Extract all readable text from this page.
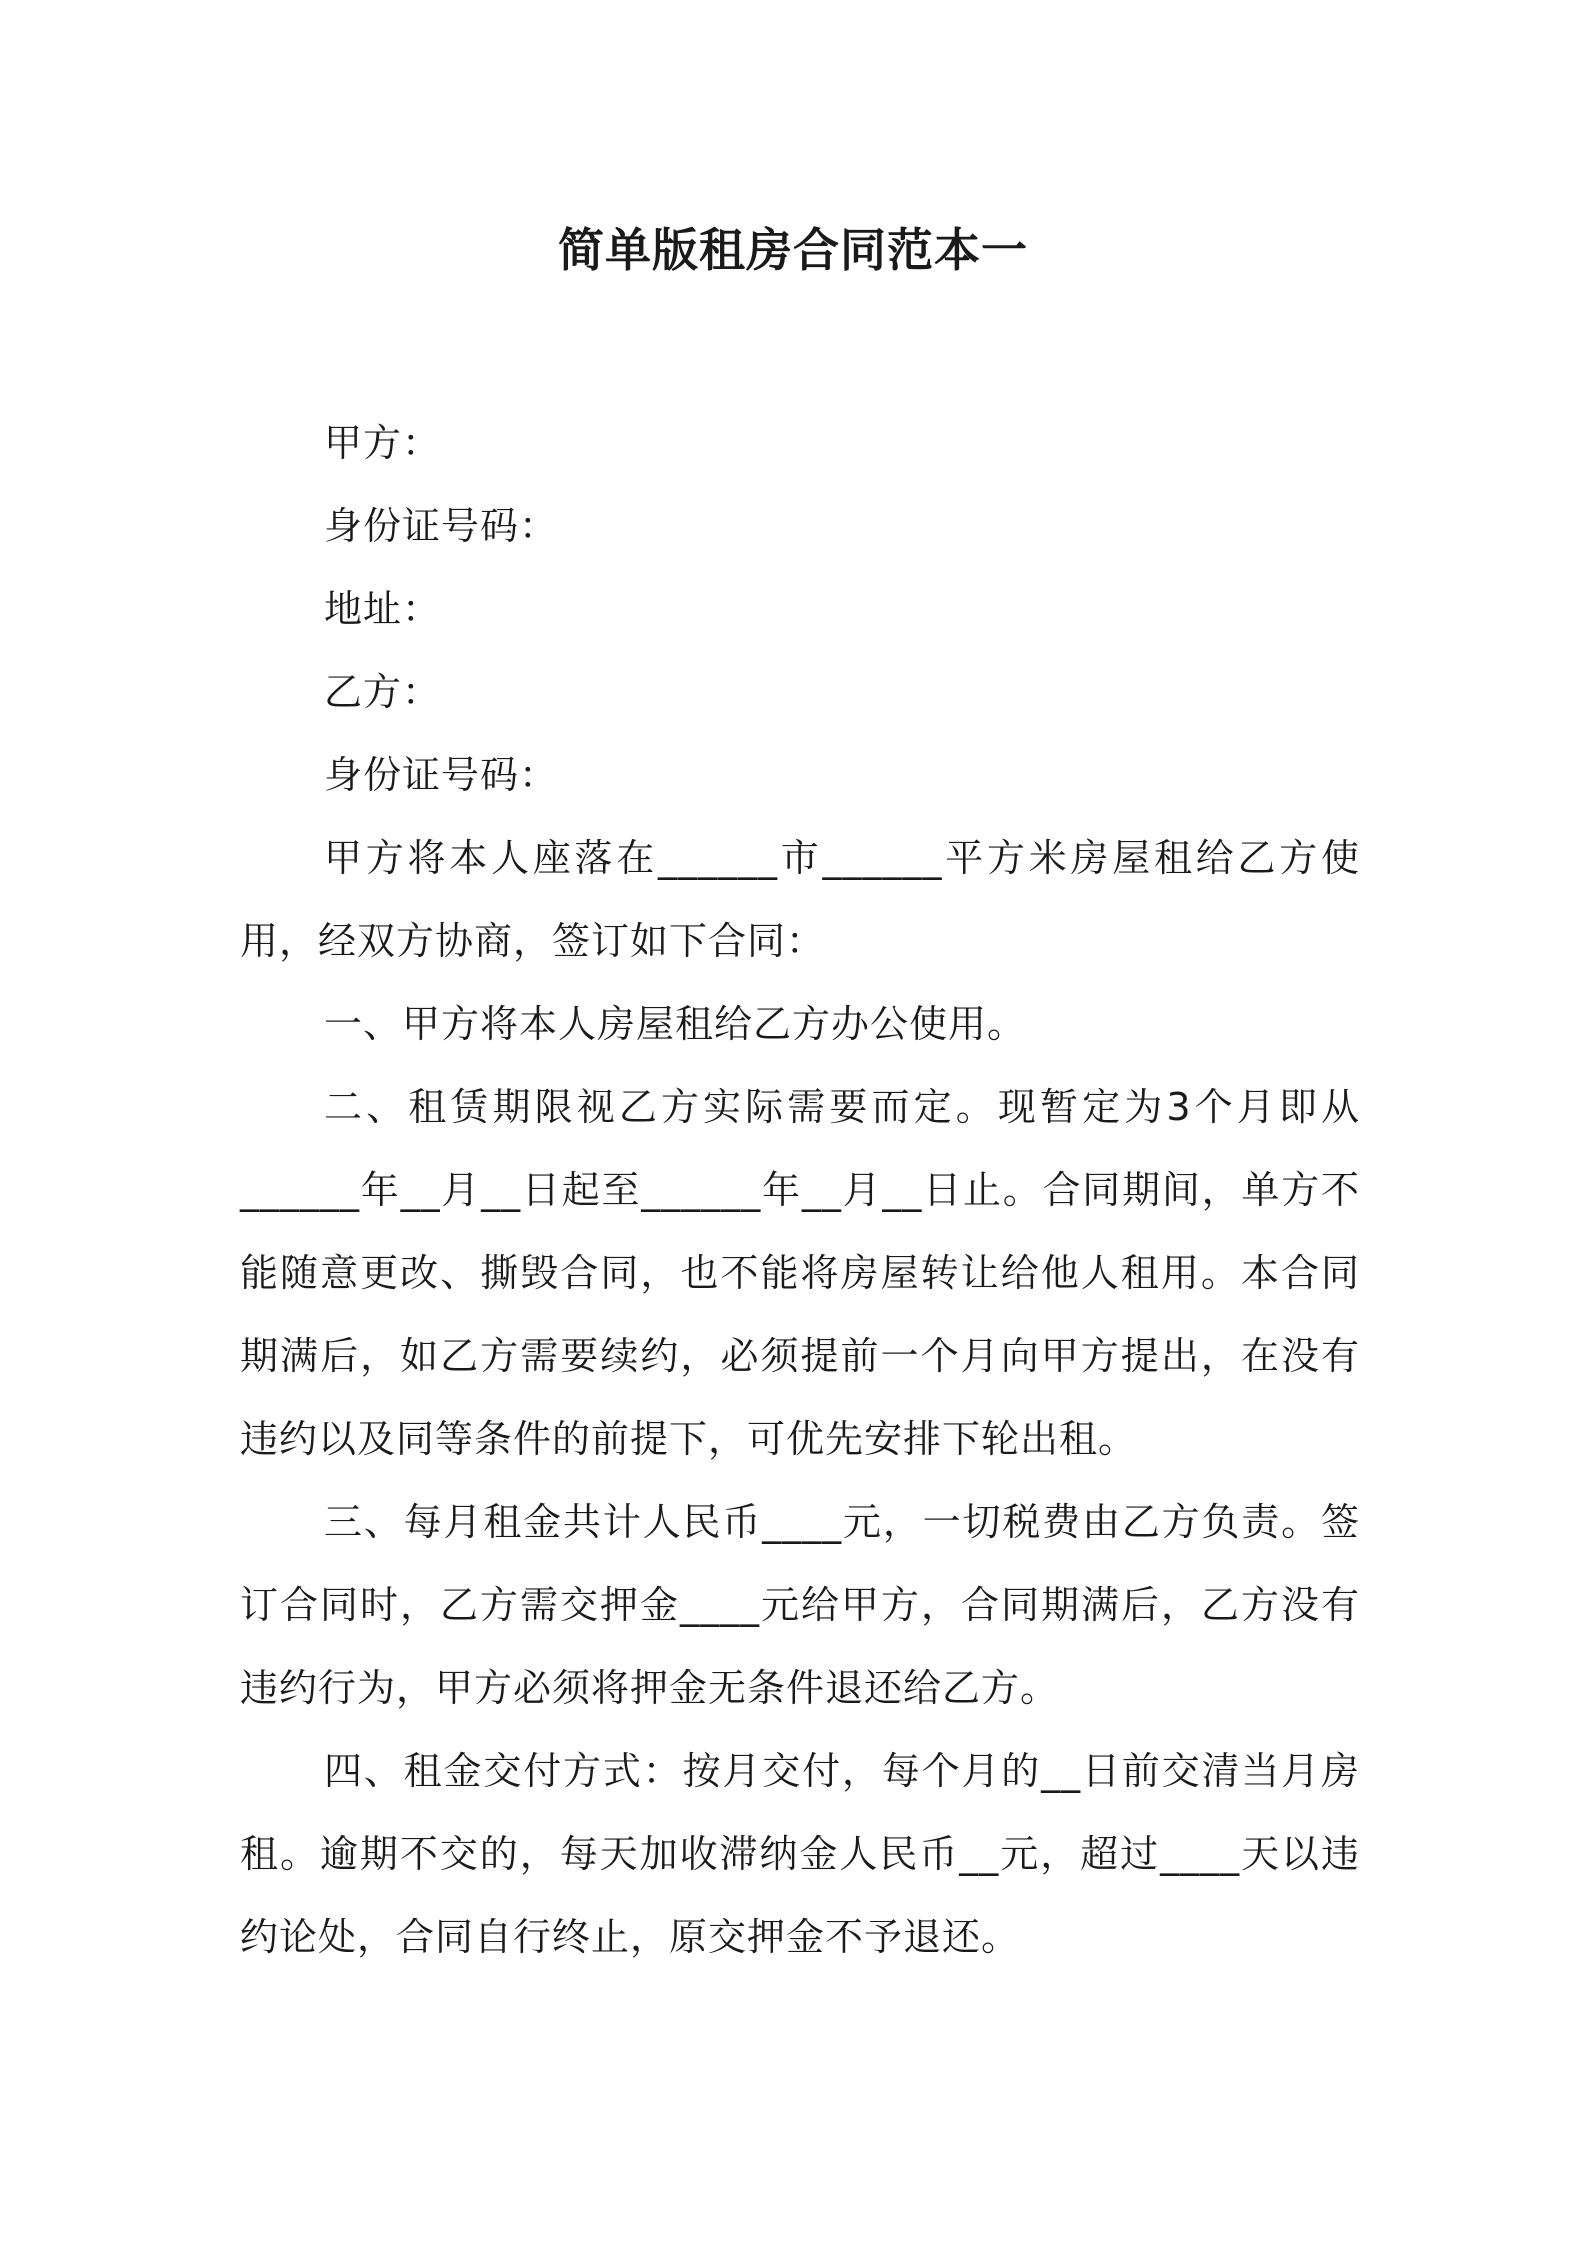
简单版租房合同范本一

甲方：

身份证号码：

地址：

乙方：

身份证号码：

甲方将本人座落在______市______平方米房屋租给乙方使用，经双方协商，签订如下合同：

一、甲方将本人房屋租给乙方办公使用。

二、租赁期限视乙方实际需要而定。现暂定为3个月即从______年__月__日起至______年__月__日止。合同期间，单方不能随意更改、撕毁合同，也不能将房屋转让给他人租用。本合同期满后，如乙方需要续约，必须提前一个月向甲方提出，在没有违约以及同等条件的前提下，可优先安排下轮出租。

三、每月租金共计人民币____元，一切税费由乙方负责。签订合同时，乙方需交押金____元给甲方，合同期满后，乙方没有违约行为，甲方必须将押金无条件退还给乙方。

四、租金交付方式：按月交付，每个月的__日前交清当月房租。逾期不交的，每天加收滞纳金人民币__元，超过____天以违约论处，合同自行终止，原交押金不予退还。
